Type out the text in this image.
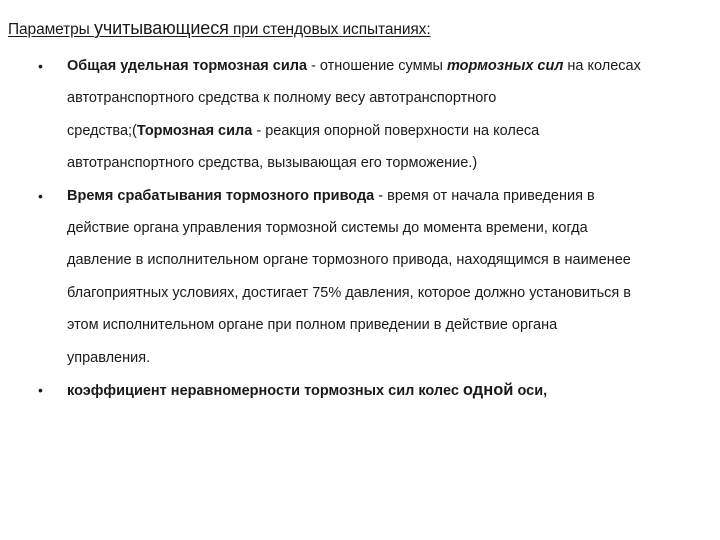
Параметры учитывающиеся при стендовых испытаниях:
• Общая удельная тормозная сила - отношение суммы тормозных сил на колесах
автотранспортного средства к полному весу автотранспортного
средства;(Тормозная сила - реакция опорной поверхности на колеса
автотранспортного средства, вызывающая его торможение.)
• Время срабатывания тормозного привода - время от начала приведения в
действие органа управления тормозной системы до момента времени, когда
давление в исполнительном органе тормозного привода, находящимся в наименее
благоприятных условиях, достигает 75% давления, которое должно установиться в
этом исполнительном органе при полном приведении в действие органа
управления.
• коэффициент неравномерности тормозных сил колес одной оси,
